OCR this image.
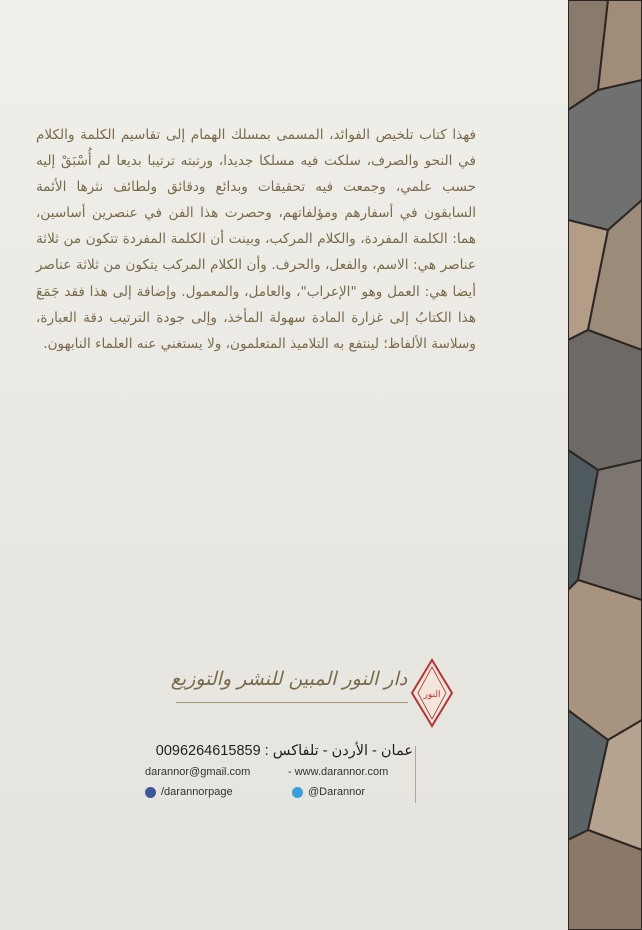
فهذا كتاب تلخيص الفوائد، المسمى بمسلك الهمام إلى تقاسيم الكلمة والكلام في النحو والصرف، سلكت فيه مسلكا جديدا، ورتبته ترتيبا بديعا لم أُسْبَقْ إليه حسب علمي، وجمعت فيه تحقيقات وبدائع ودقائق ولطائف نثرها الأئمة السابقون في أسفارهم ومؤلفاتهم، وحصرت هذا الفن في عنصرين أساسين، هما: الكلمة المفردة، والكلام المركب، وبينت أن الكلمة المفردة تتكون من ثلاثة عناصر هي: الاسم، والفعل، والحرف. وأن الكلام المركب يتكون من ثلاثة عناصر أيضا هي: العمل وهو "الإعراب"، والعامل، والمعمول. وإضافة إلى هذا فقد جَمَعَ هذا الكتابُ إلى غزارة المادة سهولة المأخذ، وإلى جودة الترتيب دقة العبارة، وسلاسة الألفاظ؛ لينتفع به التلاميذ المتعلمون، ولا يستغني عنه العلماء النابهون.

دار النور المبين للنشر والتوزيع
النور
عمان - الأردن - تلفاكس : 0096264615859
darannor@gmail.com	- www.darannor.com
/darannorpage	@Darannor
